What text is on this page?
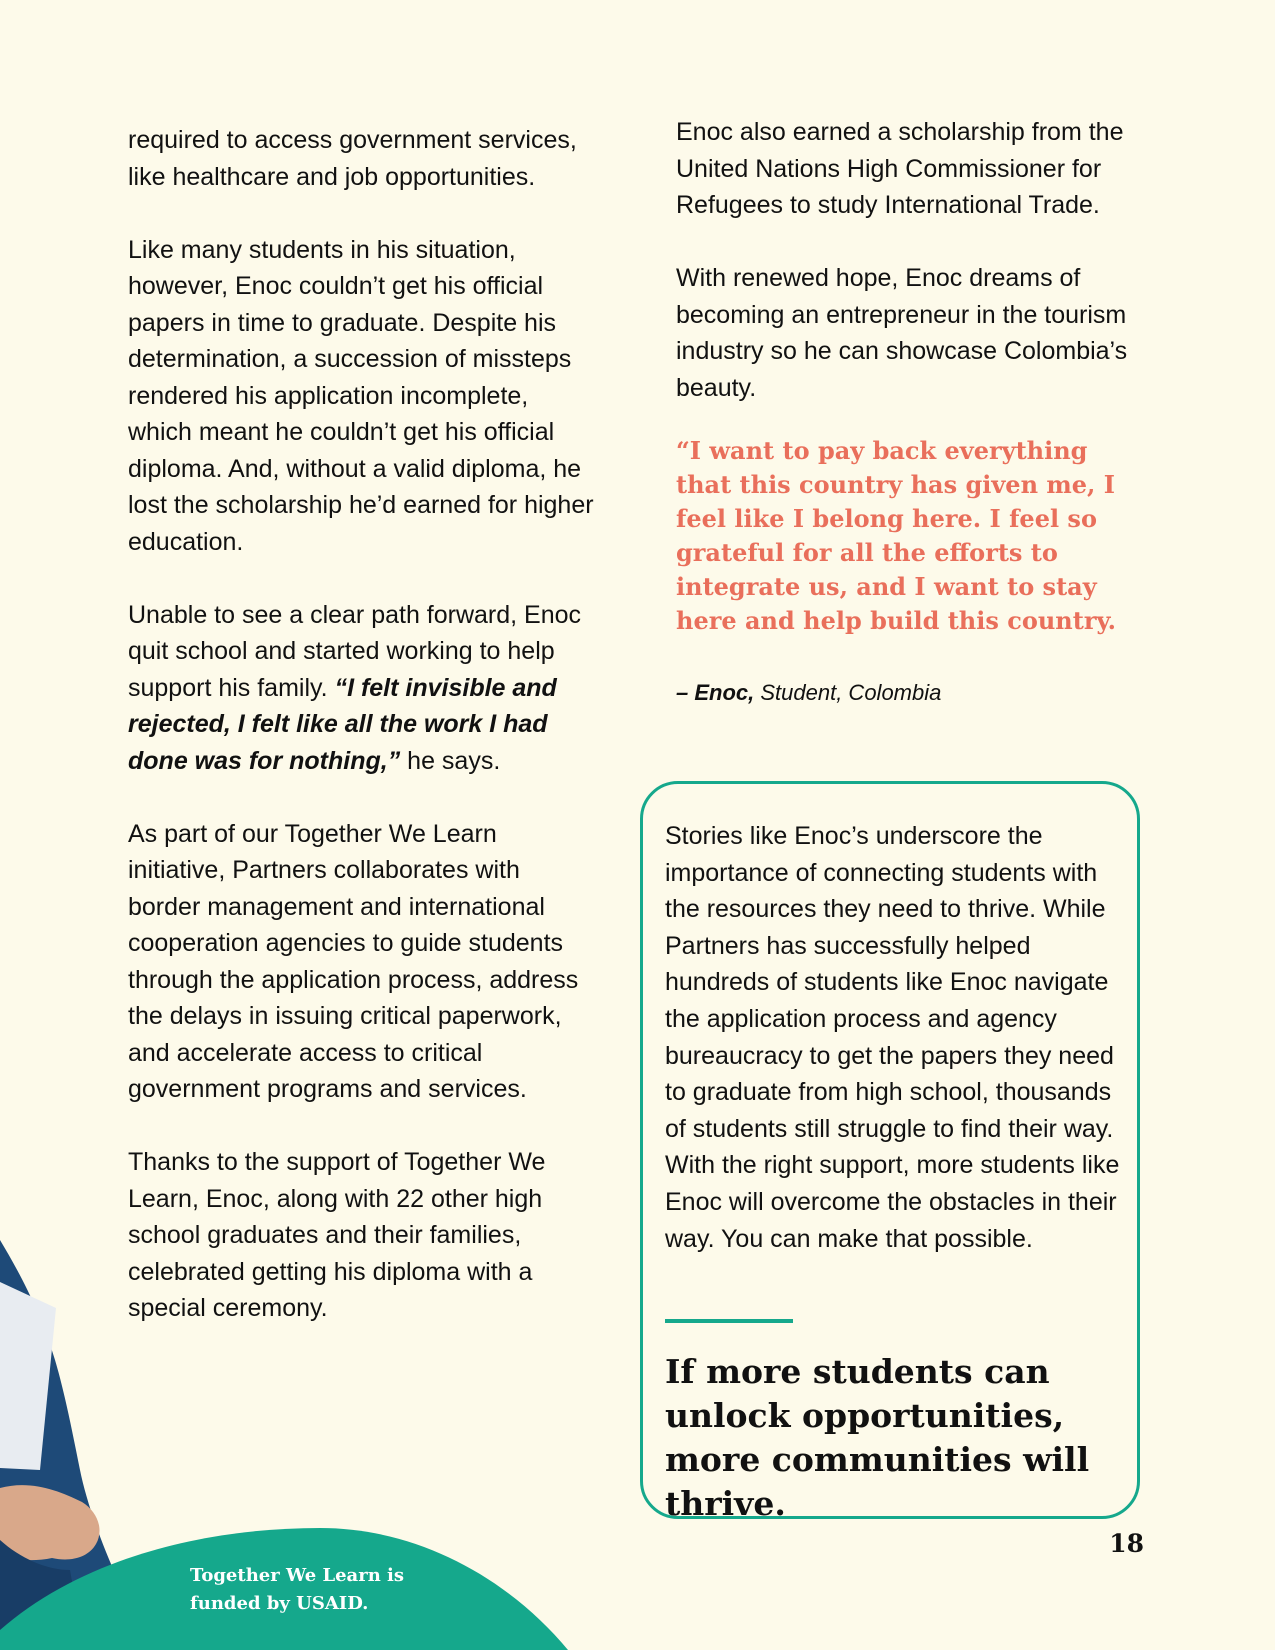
required to access government services, like healthcare and job opportunities.

Like many students in his situation, however, Enoc couldn’t get his official papers in time to graduate. Despite his determination, a succession of missteps rendered his application incomplete, which meant he couldn’t get his official diploma. And, without a valid diploma, he lost the scholarship he’d earned for higher education.

Unable to see a clear path forward, Enoc quit school and started working to help support his family. “I felt invisible and rejected, I felt like all the work I had done was for nothing,” he says.

As part of our Together We Learn initiative, Partners collaborates with border management and international cooperation agencies to guide students through the application process, address the delays in issuing critical paperwork, and accelerate access to critical government programs and services.

Thanks to the support of Together We Learn, Enoc, along with 22 other high school graduates and their families, celebrated getting his diploma with a special ceremony.

Enoc also earned a scholarship from the United Nations High Commissioner for Refugees to study International Trade.

With renewed hope, Enoc dreams of becoming an entrepreneur in the tourism industry so he can showcase Colombia’s beauty.

“I want to pay back everything that this country has given me, I feel like I belong here. I feel so grateful for all the efforts to integrate us, and I want to stay here and help build this country.

– Enoc, Student, Colombia

Stories like Enoc’s underscore the importance of connecting students with the resources they need to thrive. While Partners has successfully helped hundreds of students like Enoc navigate the application process and agency bureaucracy to get the papers they need to graduate from high school, thousands of students still struggle to find their way. With the right support, more students like Enoc will overcome the obstacles in their way. You can make that possible.

If more students can unlock opportunities, more communities will thrive.

18
Together We Learn is funded by USAID.
